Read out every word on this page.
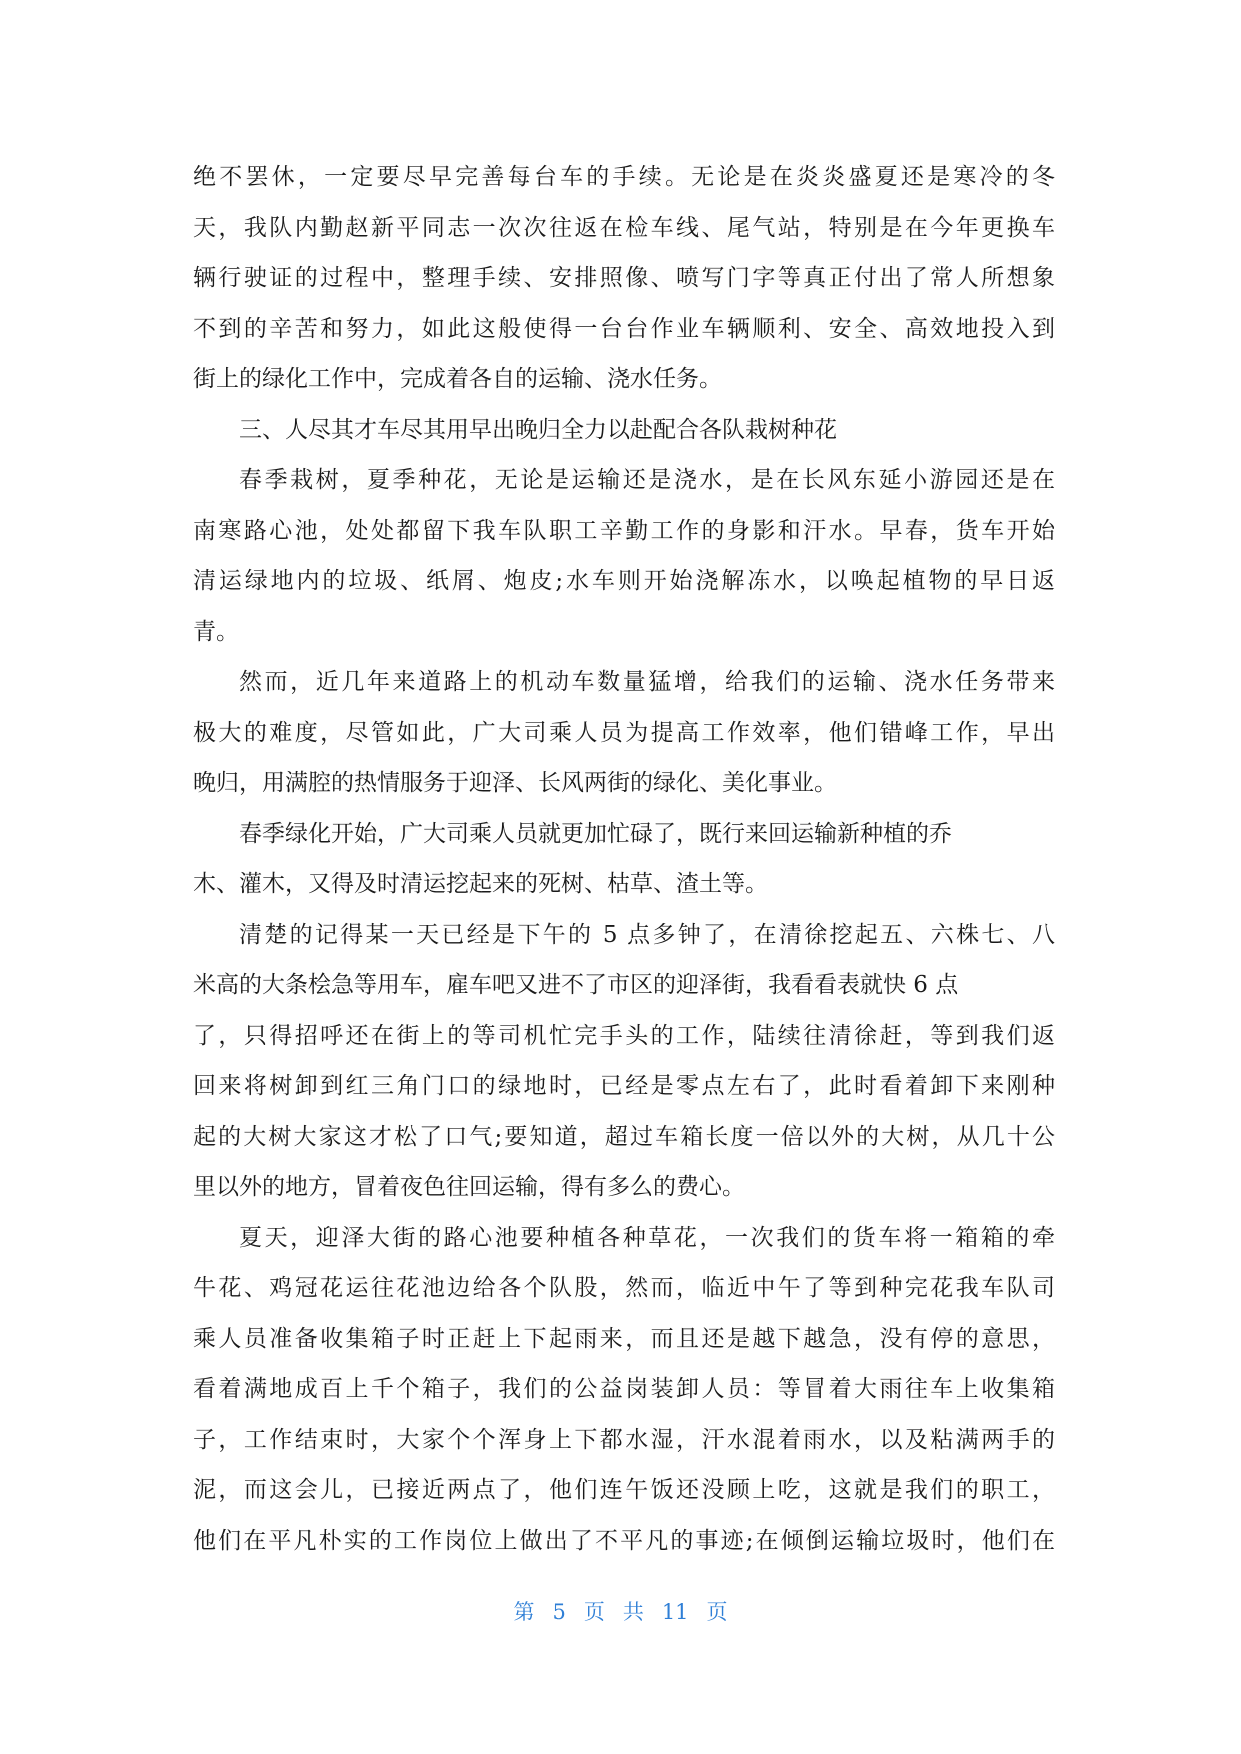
绝不罢休，一定要尽早完善每台车的手续。无论是在炎炎盛夏还是寒冷的冬
天，我队内勤赵新平同志一次次往返在检车线、尾气站，特别是在今年更换车
辆行驶证的过程中，整理手续、安排照像、喷写门字等真正付出了常人所想象
不到的辛苦和努力，如此这般使得一台台作业车辆顺利、安全、高效地投入到
街上的绿化工作中，完成着各自的运输、浇水任务。
三、人尽其才车尽其用早出晚归全力以赴配合各队栽树种花
春季栽树，夏季种花，无论是运输还是浇水，是在长风东延小游园还是在
南寒路心池，处处都留下我车队职工辛勤工作的身影和汗水。早春，货车开始
清运绿地内的垃圾、纸屑、炮皮;水车则开始浇解冻水，以唤起植物的早日返
青。
然而，近几年来道路上的机动车数量猛增，给我们的运输、浇水任务带来
极大的难度，尽管如此，广大司乘人员为提高工作效率，他们错峰工作，早出
晚归，用满腔的热情服务于迎泽、长风两街的绿化、美化事业。
春季绿化开始，广大司乘人员就更加忙碌了，既行来回运输新种植的乔
木、灌木，又得及时清运挖起来的死树、枯草、渣土等。
清楚的记得某一天已经是下午的 5 点多钟了，在清徐挖起五、六株七、八
米高的大条桧急等用车，雇车吧又进不了市区的迎泽街，我看看表就快 6 点
了，只得招呼还在街上的等司机忙完手头的工作，陆续往清徐赶，等到我们返
回来将树卸到红三角门口的绿地时，已经是零点左右了，此时看着卸下来刚种
起的大树大家这才松了口气;要知道，超过车箱长度一倍以外的大树，从几十公
里以外的地方，冒着夜色往回运输，得有多么的费心。
夏天，迎泽大街的路心池要种植各种草花，一次我们的货车将一箱箱的牵
牛花、鸡冠花运往花池边给各个队股，然而，临近中午了等到种完花我车队司
乘人员准备收集箱子时正赶上下起雨来，而且还是越下越急，没有停的意思，
看着满地成百上千个箱子，我们的公益岗装卸人员：等冒着大雨往车上收集箱
子，工作结束时，大家个个浑身上下都水湿，汗水混着雨水，以及粘满两手的
泥，而这会儿，已接近两点了，他们连午饭还没顾上吃，这就是我们的职工，
他们在平凡朴实的工作岗位上做出了不平凡的事迹;在倾倒运输垃圾时，他们在
第 5 页 共 11 页
